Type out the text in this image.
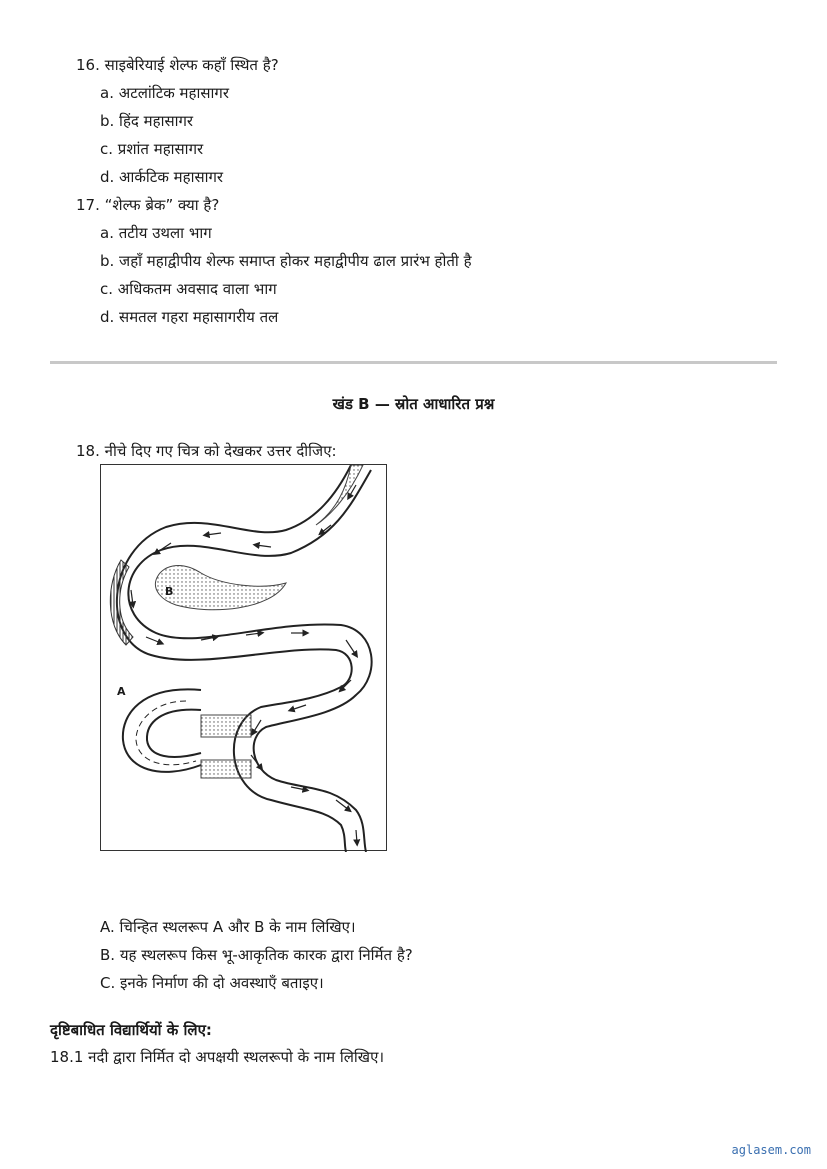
16. साइबेरियाई शेल्फ कहाँ स्थित है?
a. अटलांटिक महासागर
b. हिंद महासागर
c. प्रशांत महासागर
d. आर्कटिक महासागर
17. “शेल्फ ब्रेक” क्या है?
a. तटीय उथला भाग
b. जहाँ महाद्वीपीय शेल्फ समाप्त होकर महाद्वीपीय ढाल प्रारंभ होती है
c. अधिकतम अवसाद वाला भाग
d. समतल गहरा महासागरीय तल
खंड B — स्रोत आधारित प्रश्न
18. नीचे दिए गए चित्र को देखकर उत्तर दीजिए:
B
A
A. चिन्हित स्थलरूप A और B के नाम लिखिए।
B. यह स्थलरूप किस भू-आकृतिक कारक द्वारा निर्मित है?
C. इनके निर्माण की दो अवस्थाएँ बताइए।
दृष्टिबाधित विद्यार्थियों के लिए:
18.1 नदी द्वारा निर्मित दो अपक्षयी स्थलरूपो के नाम लिखिए।
aglasem.com
